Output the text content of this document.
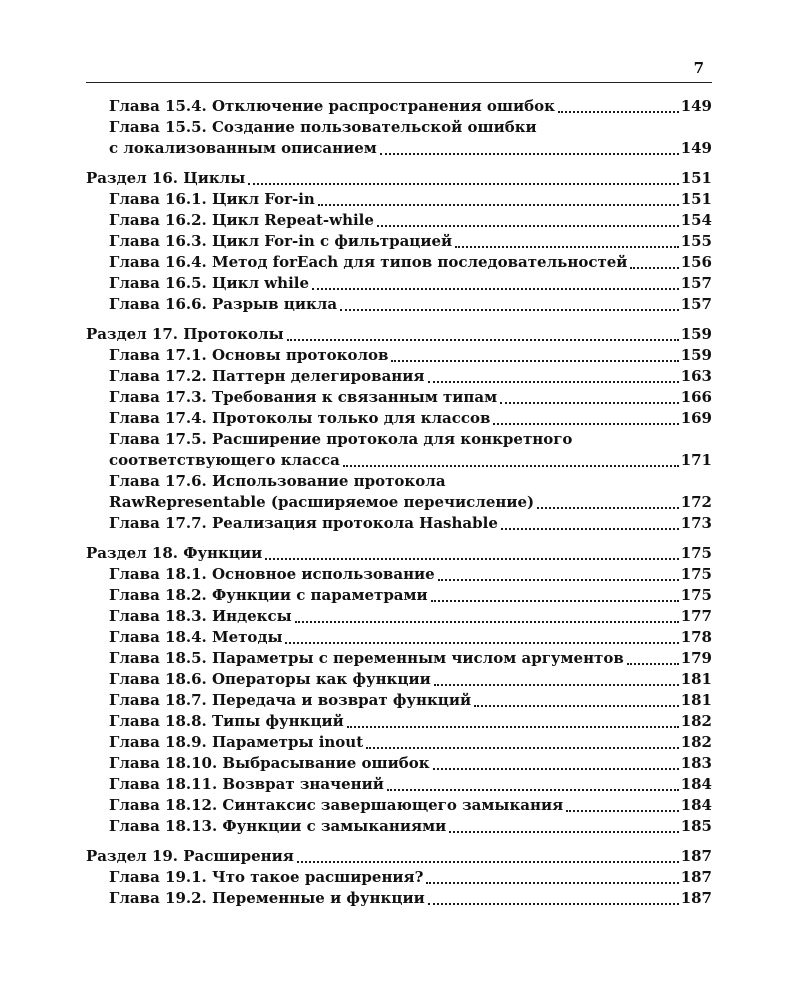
7
Глава 15.4. Отключение распространения ошибок	149
Глава 15.5. Создание пользовательской ошибки
с локализованным описанием	149
Раздел 16. Циклы	151
Глава 16.1. Цикл For-in	151
Глава 16.2. Цикл Repeat-while	154
Глава 16.3. Цикл For-in с фильтрацией	155
Глава 16.4. Метод forEach для типов последовательностей	156
Глава 16.5. Цикл while	157
Глава 16.6. Разрыв цикла	157
Раздел 17. Протоколы	159
Глава 17.1. Основы протоколов	159
Глава 17.2. Паттерн делегирования	163
Глава 17.3. Требования к связанным типам	166
Глава 17.4. Протоколы только для классов	169
Глава 17.5. Расширение протокола для конкретного
соответствующего класса	171
Глава 17.6. Использование протокола
RawRepresentable (расширяемое перечисление)	172
Глава 17.7. Реализация протокола Hashable	173
Раздел 18. Функции	175
Глава 18.1. Основное использование	175
Глава 18.2. Функции с параметрами	175
Глава 18.3. Индексы	177
Глава 18.4. Методы	178
Глава 18.5. Параметры с переменным числом аргументов	179
Глава 18.6. Операторы как функции	181
Глава 18.7. Передача и возврат функций	181
Глава 18.8. Типы функций	182
Глава 18.9. Параметры inout	182
Глава 18.10. Выбрасывание ошибок	183
Глава 18.11. Возврат значений	184
Глава 18.12. Синтаксис завершающего замыкания	184
Глава 18.13. Функции с замыканиями	185
Раздел 19. Расширения	187
Глава 19.1. Что такое расширения?	187
Глава 19.2. Переменные и функции	187
